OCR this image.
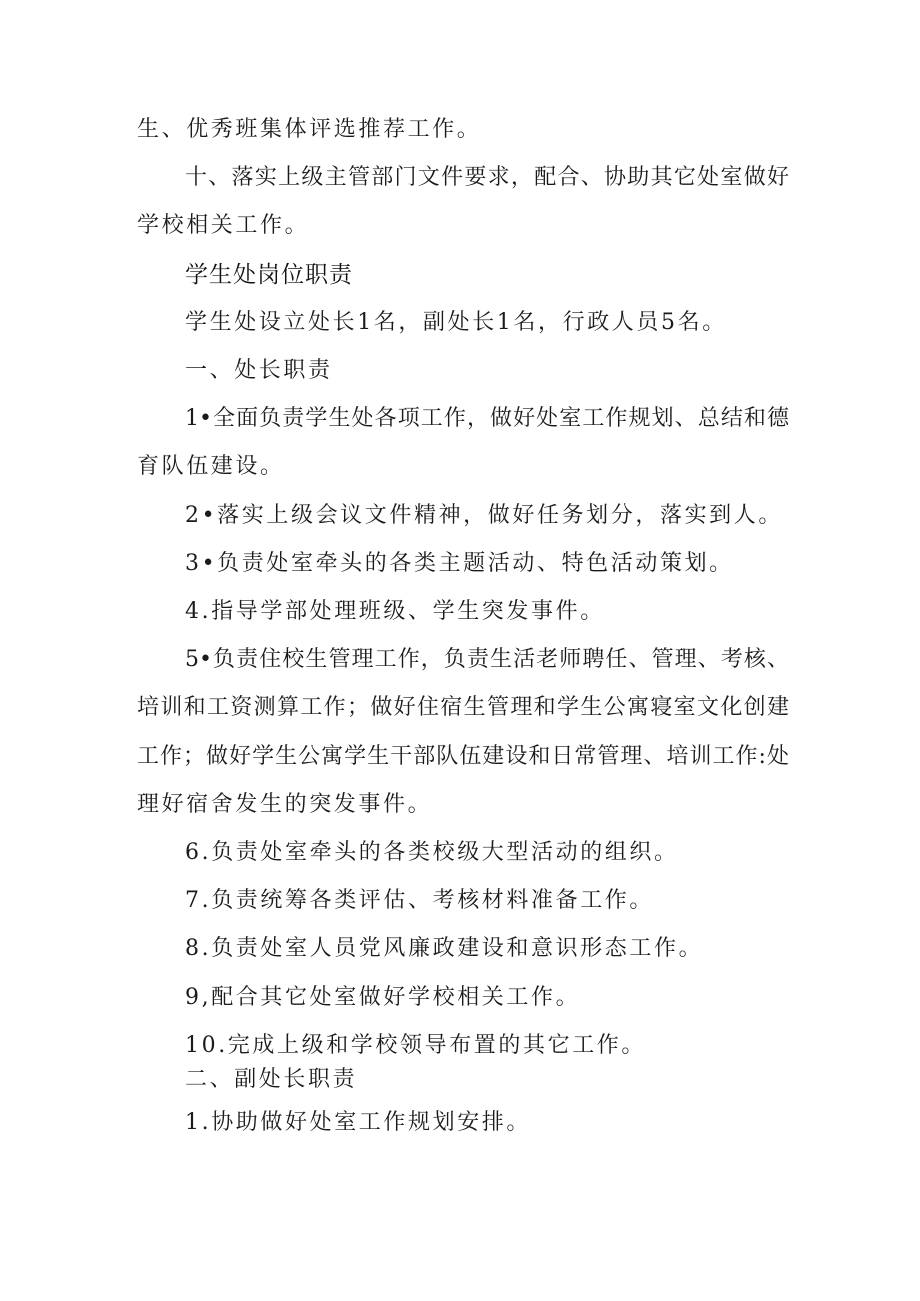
生、优秀班集体评选推荐工作。

十、落实上级主管部门文件要求，配合、协助其它处室做好

学校相关工作。

学生处岗位职责

学生处设立处长1名，副处长1名，行政人员5名。

一、处长职责

1•全面负责学生处各项工作，做好处室工作规划、总结和德

育队伍建设。

2•落实上级会议文件精神，做好任务划分，落实到人。

3•负责处室牵头的各类主题活动、特色活动策划。

4.指导学部处理班级、学生突发事件。

5•负责住校生管理工作，负责生活老师聘任、管理、考核、

培训和工资测算工作；做好住宿生管理和学生公寓寝室文化创建

工作；做好学生公寓学生干部队伍建设和日常管理、培训工作:处

理好宿舍发生的突发事件。

6.负责处室牵头的各类校级大型活动的组织。

7.负责统筹各类评估、考核材料准备工作。

8.负责处室人员党风廉政建设和意识形态工作。

9,配合其它处室做好学校相关工作。

10.完成上级和学校领导布置的其它工作。

二、副处长职责

1.协助做好处室工作规划安排。
